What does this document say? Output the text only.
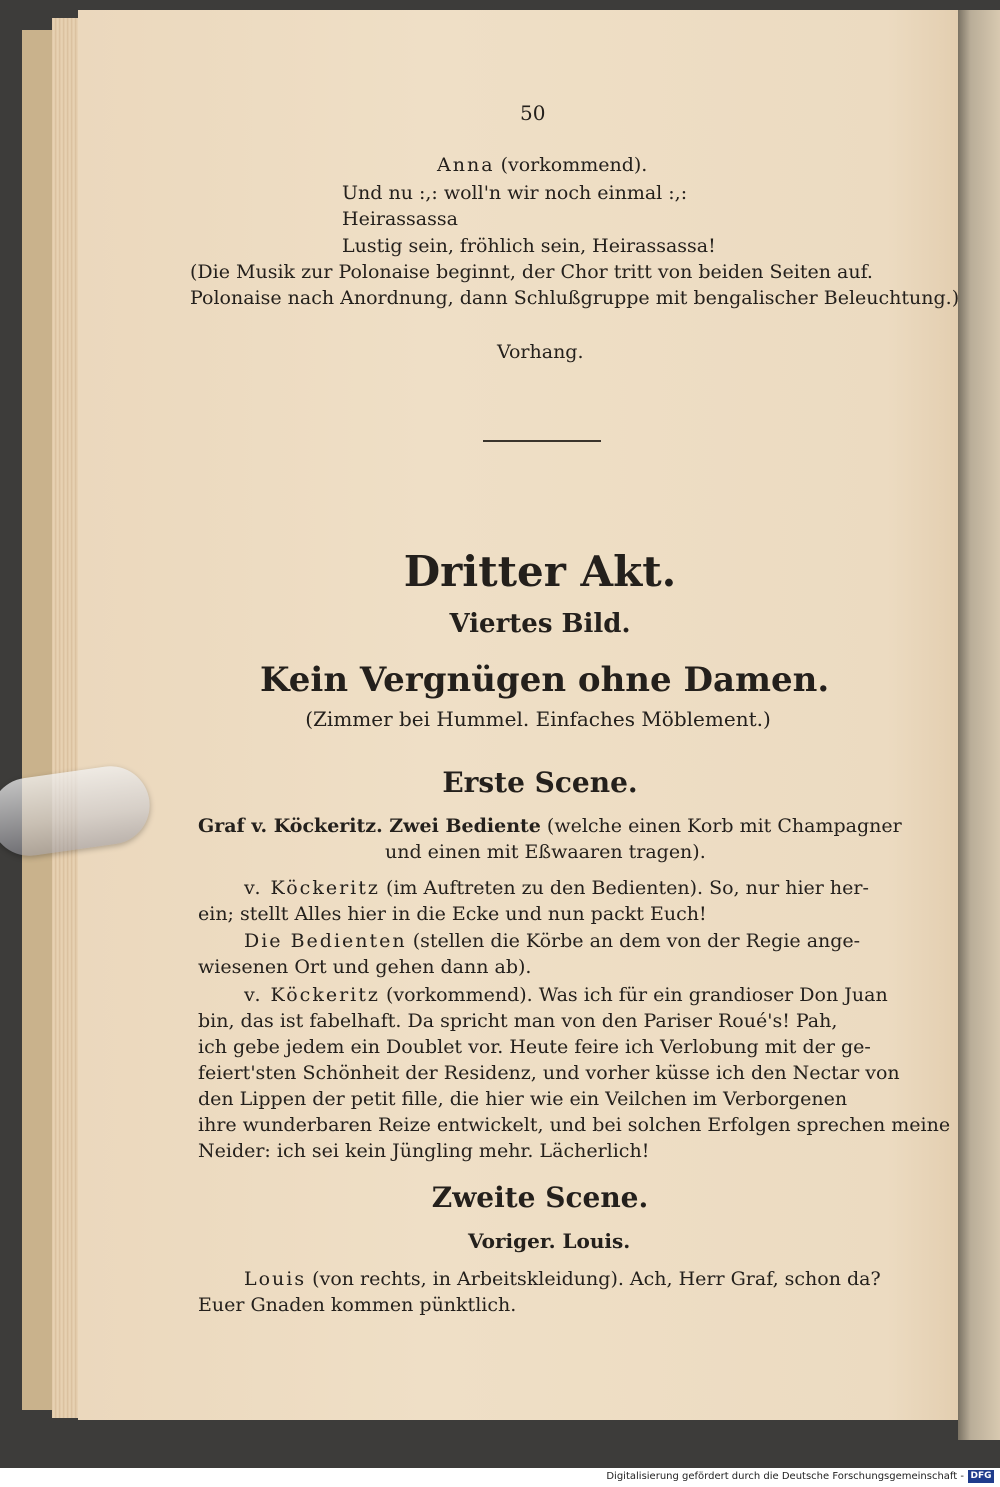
50
Anna (vorkommend).
Und nu :,: woll'n wir noch einmal :,:
Heirassassa
Lustig sein, fröhlich sein, Heirassassa!
(Die Musik zur Polonaise beginnt, der Chor tritt von beiden Seiten auf.
Polonaise nach Anordnung, dann Schlußgruppe mit bengalischer Beleuchtung.)
Vorhang.
Dritter Akt.
Viertes Bild.
Kein Vergnügen ohne Damen.
(Zimmer bei Hummel. Einfaches Möblement.)
Erste Scene.
Graf v. Köckeritz. Zwei Bediente (welche einen Korb mit Champagner
und einen mit Eßwaaren tragen).
v. Köckeritz (im Auftreten zu den Bedienten). So, nur hier her-
ein; stellt Alles hier in die Ecke und nun packt Euch!
Die Bedienten (stellen die Körbe an dem von der Regie ange-
wiesenen Ort und gehen dann ab).
v. Köckeritz (vorkommend). Was ich für ein grandioser Don Juan
bin, das ist fabelhaft. Da spricht man von den Pariser Roué's! Pah,
ich gebe jedem ein Doublet vor. Heute feire ich Verlobung mit der ge-
feiert'sten Schönheit der Residenz, und vorher küsse ich den Nectar von
den Lippen der petit fille, die hier wie ein Veilchen im Verborgenen
ihre wunderbaren Reize entwickelt, und bei solchen Erfolgen sprechen meine
Neider: ich sei kein Jüngling mehr. Lächerlich!
Zweite Scene.
Voriger. Louis.
Louis (von rechts, in Arbeitskleidung). Ach, Herr Graf, schon da?
Euer Gnaden kommen pünktlich.
Digitalisierung gefördert durch die Deutsche Forschungsgemeinschaft - DFG
